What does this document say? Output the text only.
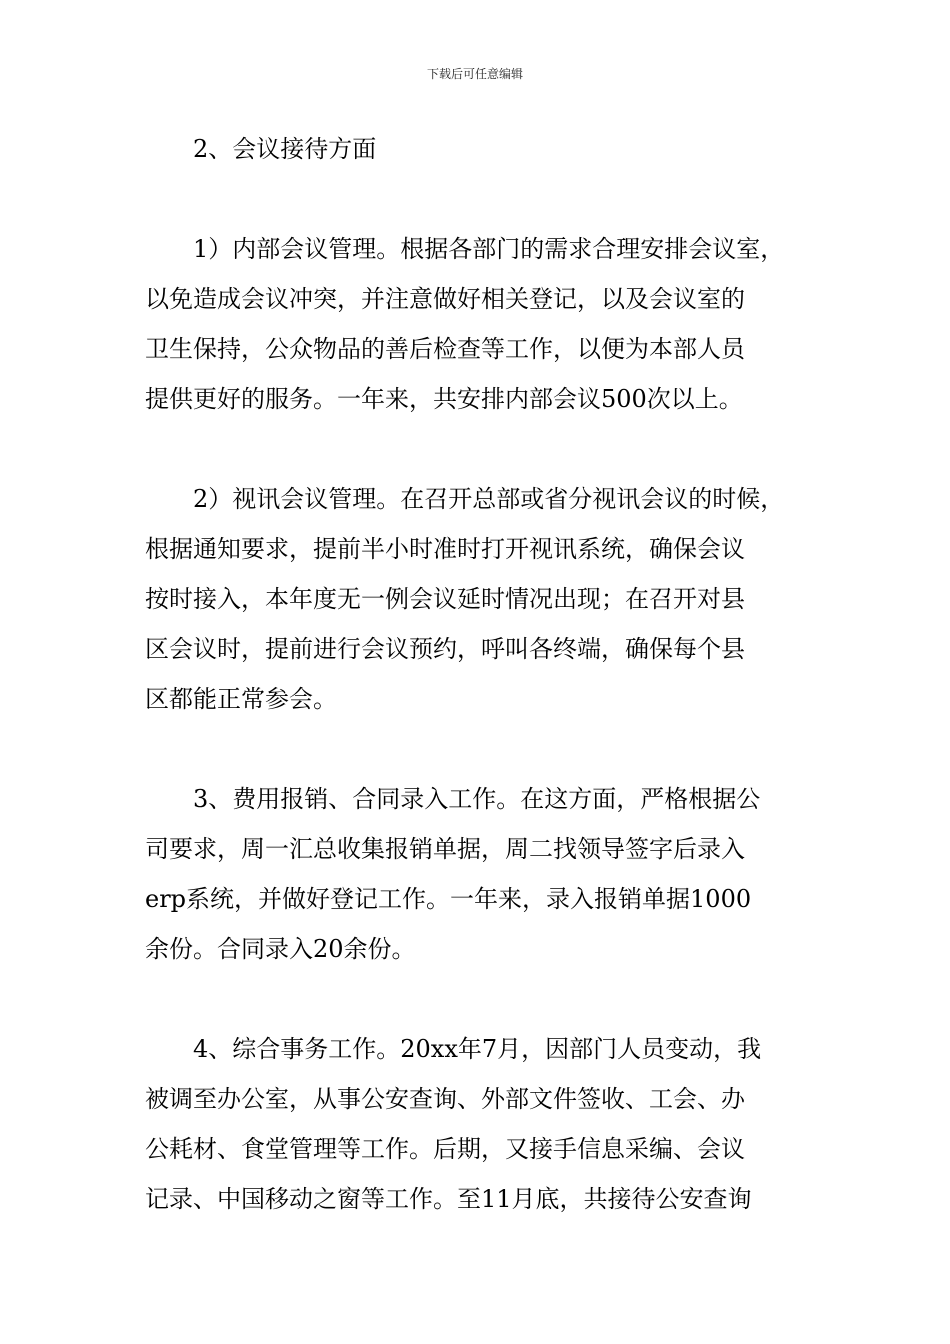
下载后可任意编辑
2、会议接待方面
1）内部会议管理。根据各部门的需求合理安排会议室，
以免造成会议冲突，并注意做好相关登记，以及会议室的
卫生保持，公众物品的善后检查等工作，以便为本部人员
提供更好的服务。一年来，共安排内部会议500次以上。
2）视讯会议管理。在召开总部或省分视讯会议的时候，
根据通知要求，提前半小时准时打开视讯系统，确保会议
按时接入，本年度无一例会议延时情况出现；在召开对县
区会议时，提前进行会议预约，呼叫各终端，确保每个县
区都能正常参会。
3、费用报销、合同录入工作。在这方面，严格根据公
司要求，周一汇总收集报销单据，周二找领导签字后录入
erp系统，并做好登记工作。一年来，录入报销单据1000
余份。合同录入20余份。
4、综合事务工作。20xx年7月，因部门人员变动，我
被调至办公室，从事公安查询、外部文件签收、工会、办
公耗材、食堂管理等工作。后期，又接手信息采编、会议
记录、中国移动之窗等工作。至11月底，共接待公安查询
